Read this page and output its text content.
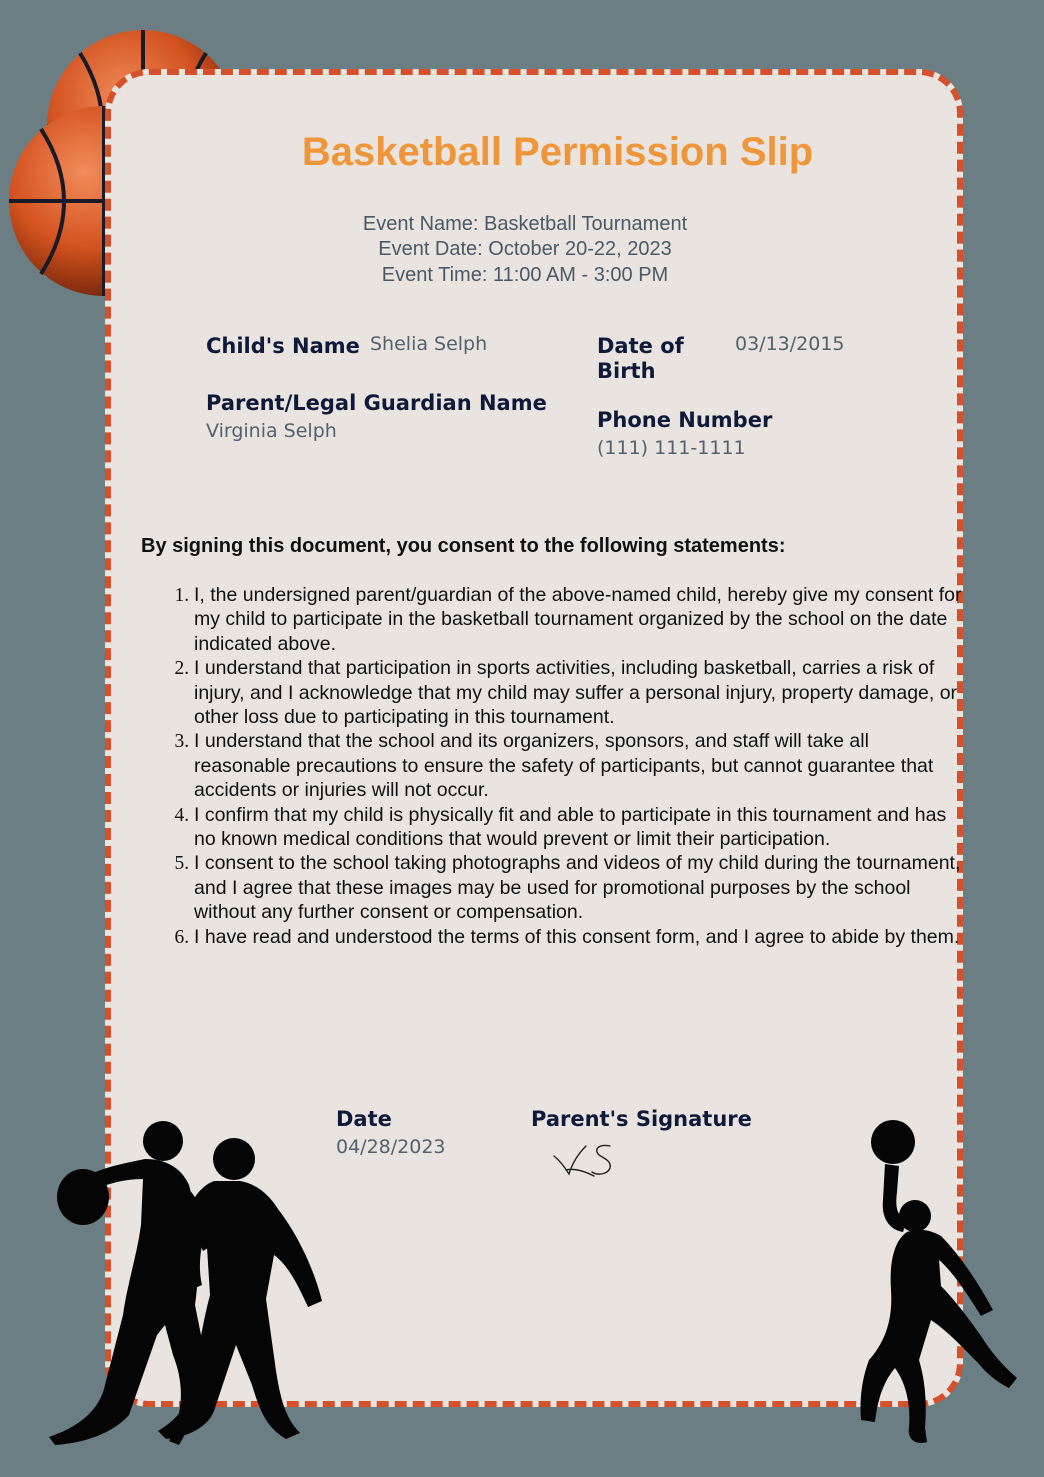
Basketball Permission Slip
Event Name: Basketball Tournament
Event Date: October 20-22, 2023
Event Time: 11:00 AM - 3:00 PM
Child's Name Shelia Selph	Date of Birth
03/13/2015
Parent/Legal Guardian Name
Virginia Selph	Phone Number
(111) 111-1111
By signing this document, you consent to the following statements:
1. I, the undersigned parent/guardian of the above-named child, hereby give my consent for my child to participate in the basketball tournament organized by the school on the date indicated above.
2. I understand that participation in sports activities, including basketball, carries a risk of injury, and I acknowledge that my child may suffer a personal injury, property damage, or other loss due to participating in this tournament.
3. I understand that the school and its organizers, sponsors, and staff will take all reasonable precautions to ensure the safety of participants, but cannot guarantee that accidents or injuries will not occur.
4. I confirm that my child is physically fit and able to participate in this tournament and has no known medical conditions that would prevent or limit their participation.
5. I consent to the school taking photographs and videos of my child during the tournament, and I agree that these images may be used for promotional purposes by the school without any further consent or compensation.
6. I have read and understood the terms of this consent form, and I agree to abide by them.
Date
04/28/2023
Parent's Signature
